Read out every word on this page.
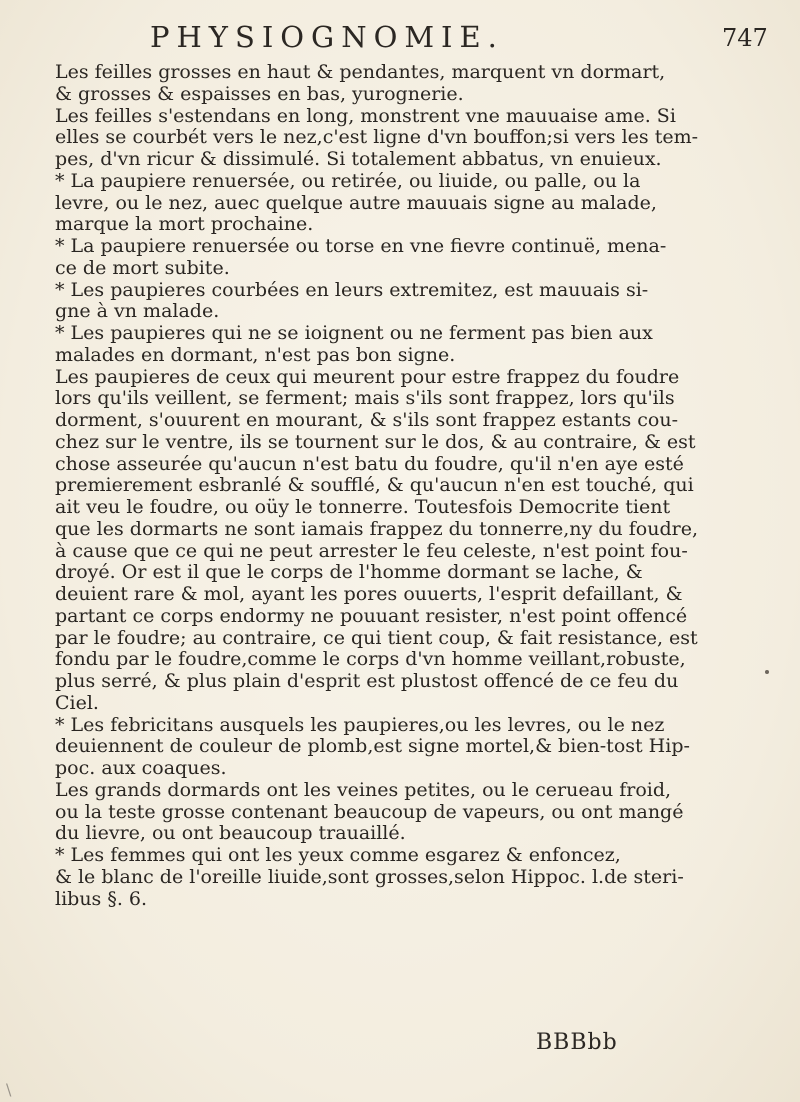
PHYSIOGNOMIE.	747
Les feilles grosses en haut & pendantes, marquent vn dormart,
& grosses & espaisses en bas, yurognerie.
Les feilles s'estendans en long, monstrent vne mauuaise ame. Si
elles se courbét vers le nez,c'est ligne d'vn bouffon;si vers les tem-
pes, d'vn ricur & dissimulé. Si totalement abbatus, vn enuieux.
* La paupiere renuersée, ou retirée, ou liuide, ou palle, ou la
levre, ou le nez, auec quelque autre mauuais signe au malade,
marque la mort prochaine.
* La paupiere renuersée ou torse en vne fievre continuë, mena-
ce de mort subite.
* Les paupieres courbées en leurs extremitez, est mauuais si-
gne à vn malade.
* Les paupieres qui ne se ioignent ou ne ferment pas bien aux
malades en dormant, n'est pas bon signe.
Les paupieres de ceux qui meurent pour estre frappez du foudre
lors qu'ils veillent, se ferment; mais s'ils sont frappez, lors qu'ils
dorment, s'ouurent en mourant, & s'ils sont frappez estants cou-
chez sur le ventre, ils se tournent sur le dos, & au contraire, & est
chose asseurée qu'aucun n'est batu du foudre, qu'il n'en aye esté
premierement esbranlé & soufflé, & qu'aucun n'en est touché, qui
ait veu le foudre, ou oüy le tonnerre. Toutesfois Democrite tient
que les dormarts ne sont iamais frappez du tonnerre,ny du foudre,
à cause que ce qui ne peut arrester le feu celeste, n'est point fou-
droyé. Or est il que le corps de l'homme dormant se lache, &
deuient rare & mol, ayant les pores ouuerts, l'esprit defaillant, &
partant ce corps endormy ne pouuant resister, n'est point offencé
par le foudre; au contraire, ce qui tient coup, & fait resistance, est
fondu par le foudre,comme le corps d'vn homme veillant,robuste,
plus serré, & plus plain d'esprit est plustost offencé de ce feu du
Ciel.
* Les febricitans ausquels les paupieres,ou les levres, ou le nez
deuiennent de couleur de plomb,est signe mortel,& bien-tost Hip-
poc. aux coaques.
Les grands dormards ont les veines petites, ou le cerueau froid,
ou la teste grosse contenant beaucoup de vapeurs, ou ont mangé
du lievre, ou ont beaucoup trauaillé.
* Les femmes qui ont les yeux comme esgarez & enfoncez,
& le blanc de l'oreille liuide,sont grosses,selon Hippoc. l.de steri-
libus §. 6.
BBBbb
\
